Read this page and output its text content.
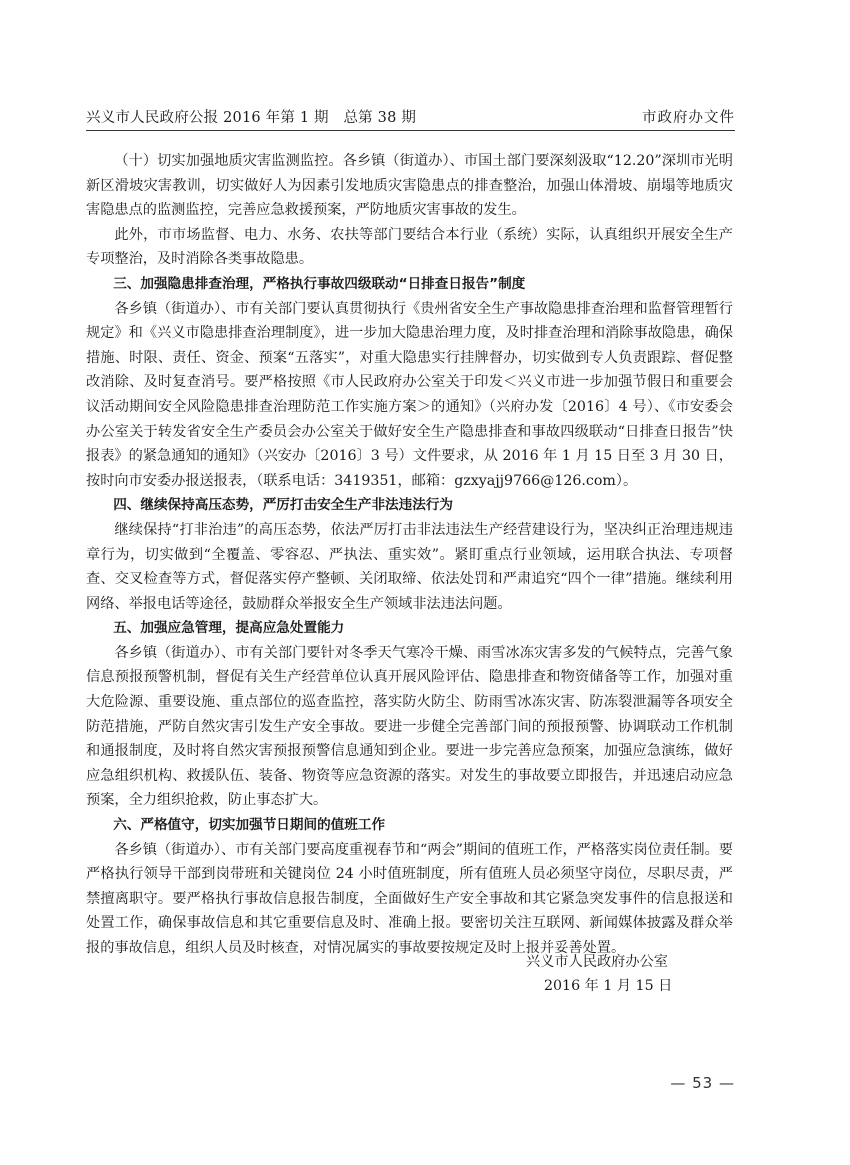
兴义市人民政府公报 2016 年第 1 期　总第 38 期	市政府办文件

（十）切实加强地质灾害监测监控。各乡镇（街道办）、市国土部门要深刻汲取“12.20”深圳市光明新区滑坡灾害教训，切实做好人为因素引发地质灾害隐患点的排查整治，加强山体滑坡、崩塌等地质灾害隐患点的监测监控，完善应急救援预案，严防地质灾害事故的发生。

此外，市市场监督、电力、水务、农扶等部门要结合本行业（系统）实际，认真组织开展安全生产专项整治，及时消除各类事故隐患。

三、加强隐患排查治理，严格执行事故四级联动“日排查日报告”制度

各乡镇（街道办）、市有关部门要认真贯彻执行《贵州省安全生产事故隐患排查治理和监督管理暂行规定》和《兴义市隐患排查治理制度》，进一步加大隐患治理力度，及时排查治理和消除事故隐患，确保措施、时限、责任、资金、预案“五落实”，对重大隐患实行挂牌督办，切实做到专人负责跟踪、督促整改消除、及时复查消号。要严格按照《市人民政府办公室关于印发＜兴义市进一步加强节假日和重要会议活动期间安全风险隐患排查治理防范工作实施方案＞的通知》（兴府办发〔2016〕4 号）、《市安委会办公室关于转发省安全生产委员会办公室关于做好安全生产隐患排查和事故四级联动“日排查日报告”快报表》的紧急通知的通知》（兴安办〔2016〕3 号）文件要求，从 2016 年 1 月 15 日至 3 月 30 日，按时向市安委办报送报表，（联系电话：3419351，邮箱：gzxyajj9766@126.com）。

四、继续保持高压态势，严厉打击安全生产非法违法行为

继续保持“打非治违”的高压态势，依法严厉打击非法违法生产经营建设行为，坚决纠正治理违规违章行为，切实做到“全覆盖、零容忍、严执法、重实效”。紧盯重点行业领域，运用联合执法、专项督查、交叉检查等方式，督促落实停产整顿、关闭取缔、依法处罚和严肃追究“四个一律”措施。继续利用网络、举报电话等途径，鼓励群众举报安全生产领域非法违法问题。

五、加强应急管理，提高应急处置能力

各乡镇（街道办）、市有关部门要针对冬季天气寒冷干燥、雨雪冰冻灾害多发的气候特点，完善气象信息预报预警机制，督促有关生产经营单位认真开展风险评估、隐患排查和物资储备等工作，加强对重大危险源、重要设施、重点部位的巡查监控，落实防火防尘、防雨雪冰冻灾害、防冻裂泄漏等各项安全防范措施，严防自然灾害引发生产安全事故。要进一步健全完善部门间的预报预警、协调联动工作机制和通报制度，及时将自然灾害预报预警信息通知到企业。要进一步完善应急预案，加强应急演练，做好应急组织机构、救援队伍、装备、物资等应急资源的落实。对发生的事故要立即报告，并迅速启动应急预案，全力组织抢救，防止事态扩大。

六、严格值守，切实加强节日期间的值班工作

各乡镇（街道办）、市有关部门要高度重视春节和“两会”期间的值班工作，严格落实岗位责任制。要严格执行领导干部到岗带班和关键岗位 24 小时值班制度，所有值班人员必须坚守岗位，尽职尽责，严禁擅离职守。要严格执行事故信息报告制度，全面做好生产安全事故和其它紧急突发事件的信息报送和处置工作，确保事故信息和其它重要信息及时、准确上报。要密切关注互联网、新闻媒体披露及群众举报的事故信息，组织人员及时核查，对情况属实的事故要按规定及时上报并妥善处置。

兴义市人民政府办公室
2016 年 1 月 15 日
— 53 —
